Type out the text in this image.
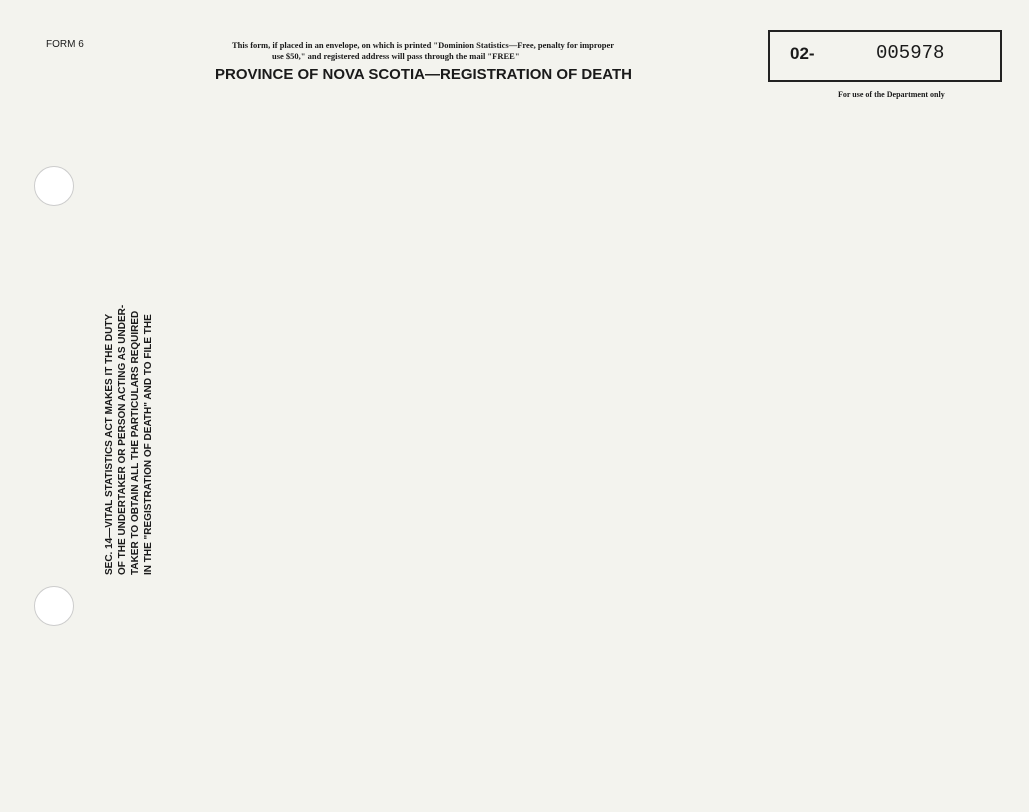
FORM 6	This form, if placed in an envelope, on which is printed "Dominion Statistics—Free, penalty for improper
use $50," and registered address will pass through the mail "FREE"
PROVINCE OF NOVA SCOTIA—REGISTRATION OF DEATH
02-	005978
For use of the Department only
SEC. 14—VITAL STATISTICS ACT MAKES IT THE DUTY OF THE UNDERTAKER OR PERSON ACTING AS UNDER- TAKER TO OBTAIN ALL THE PARTICULARS REQUIRED IN THE "REGISTRATION OF DEATH" AND TO FILE THE
